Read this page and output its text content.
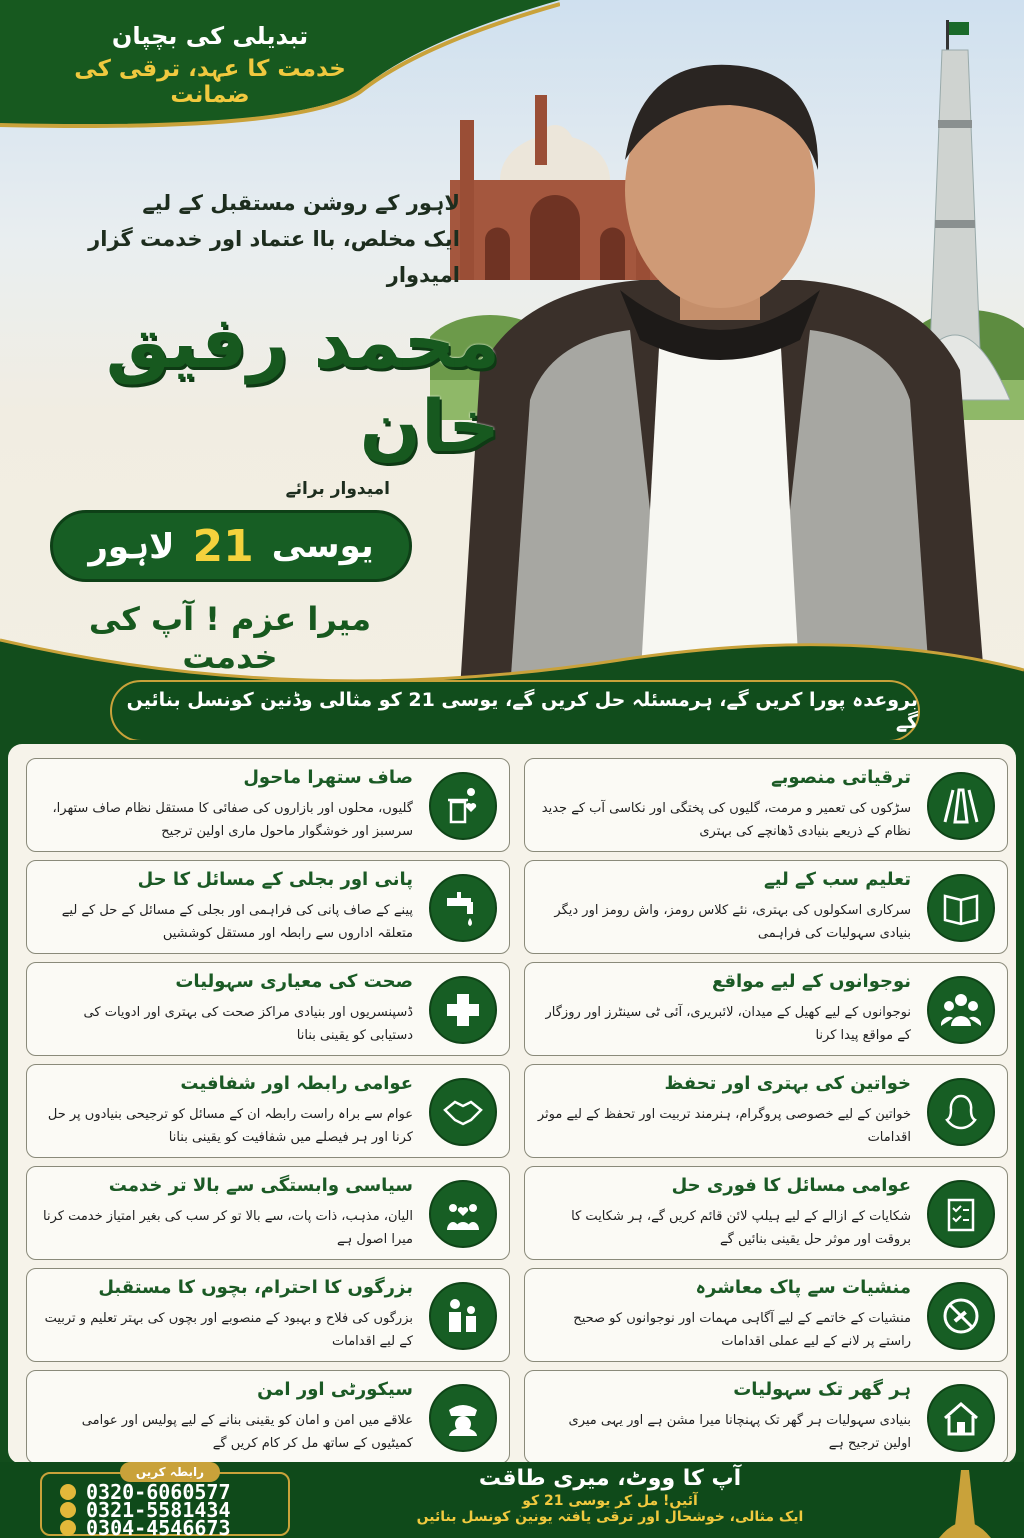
تبدیلی کی بچپان
خدمت کا عہد، ترقی کی ضمانت
لاہور کے روشن مستقبل کے لیے
ایک مخلص، باا عتماد اور خدمت گزار امیدوار
محمد رفیق خان
امیدوار برائے
یوسی
21
لاہور
میرا عزم ! آپ کی خدمت
بروعدہ پورا کریں گے، ہرمسئلہ حل کریں گے، یوسی 21 کو مثالی وڈنین کونسل بنائیں گے
ترقیاتی منصوبے
سڑکوں کی تعمیر و مرمت، گلیوں کی پختگی اور نکاسی آب کے جدید نظام کے ذریعے بنیادی ڈھانچے کی بہتری
صاف ستھرا ماحول
گلیوں، محلوں اور بازاروں کی صفائی کا مستقل نظام صاف ستھرا، سرسبز اور خوشگوار ماحول ماری اولین ترجیح
تعلیم سب کے لیے
سرکاری اسکولوں کی بہتری، نئے کلاس رومز، واش رومز اور دیگر بنیادی سہولیات کی فراہمی
پانی اور بجلی کے مسائل کا حل
پینے کے صاف پانی کی فراہمی اور بجلی کے مسائل کے حل کے لیے متعلقہ اداروں سے رابطہ اور مستقل کوششیں
نوجوانوں کے لیے مواقع
نوجوانوں کے لیے کھیل کے میدان، لائبریری، آئی ٹی سینٹرز اور روزگار کے مواقع پیدا کرنا
صحت کی معیاری سہولیات
ڈسپنسریوں اور بنیادی مراکز صحت کی بہتری اور ادویات کی دستیابی کو یقینی بنانا
خواتین کی بہتری اور تحفظ
خواتین کے لیے خصوصی پروگرام، ہنرمند تربیت اور تحفظ کے لیے موثر اقدامات
عوامی رابطہ اور شفافیت
عوام سے براہ راست رابطہ ان کے مسائل کو ترجیحی بنیادوں پر حل کرنا اور ہر فیصلے میں شفافیت کو یقینی بنانا
عوامی مسائل کا فوری حل
شکایات کے ازالے کے لیے ہیلپ لائن قائم کریں گے، ہر شکایت کا بروقت اور موثر حل یقینی بنائیں گے
سیاسی وابستگی سے بالا تر خدمت
الیان، مذہب، ذات پات، سے بالا تو کر سب کی بغیر امتیاز خدمت کرنا میرا اصول ہے
منشیات سے پاک معاشرہ
منشیات کے خاتمے کے لیے آگاہی مہمات اور نوجوانوں کو صحیح راستے پر لانے کے لیے عملی اقدامات
بزرگوں کا احترام، بچوں کا مستقبل
بزرگوں کی فلاح و بہبود کے منصوبے اور بچوں کی بہتر تعلیم و تربیت کے لیے اقدامات
ہر گھر تک سہولیات
بنیادی سہولیات ہر گھر تک پہنچانا میرا مشن ہے اور یہی میری اولین ترجیح ہے
سیکورٹی اور امن
علاقے میں امن و امان کو یقینی بنانے کے لیے پولیس اور عوامی کمیٹیوں کے ساتھ مل کر کام کریں گے
رابطہ کریں
0320-6060577
0321-5581434
0304-4546673
آپ کا ووٹ، میری طاقت
آئیں! مل کر یوسی 21 کو
ایک مثالی، خوشحال اور ترقی یافتہ یونین کونسل بنائیں
